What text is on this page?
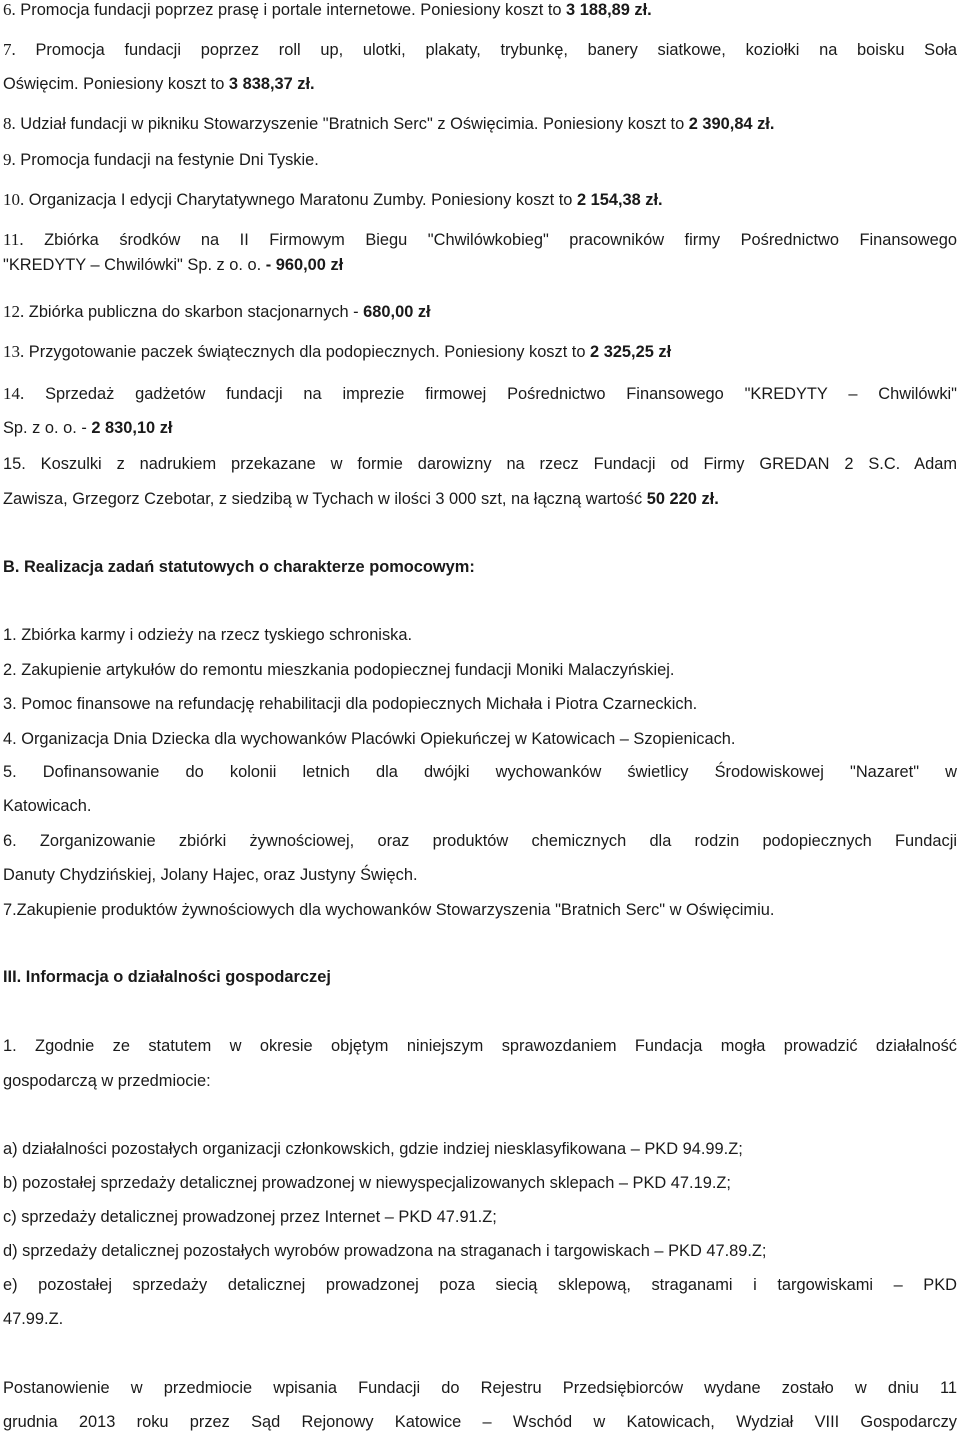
6. Promocja fundacji poprzez prasę i portale internetowe. Poniesiony koszt to 3 188,89 zł.

7. Promocja fundacji poprzez roll up, ulotki, plakaty, trybunkę, banery siatkowe, koziołki na boisku Soła

Oświęcim. Poniesiony koszt to 3 838,37 zł.

8. Udział fundacji w pikniku Stowarzyszenie "Bratnich Serc" z Oświęcimia. Poniesiony koszt to 2 390,84 zł.

9. Promocja fundacji na festynie Dni Tyskie.

10. Organizacja I edycji Charytatywnego Maratonu Zumby. Poniesiony koszt to 2 154,38 zł.

11. Zbiórka środków na II Firmowym Biegu "Chwilówkobieg" pracowników firmy Pośrednictwo Finansowego

"KREDYTY – Chwilówki" Sp. z o. o. - 960,00 zł

12. Zbiórka publiczna do skarbon stacjonarnych - 680,00 zł

13. Przygotowanie paczek świątecznych dla podopiecznych. Poniesiony koszt to 2 325,25 zł

14. Sprzedaż gadżetów fundacji na imprezie firmowej Pośrednictwo Finansowego "KREDYTY – Chwilówki"

Sp. z o. o. - 2 830,10 zł

15. Koszulki z nadrukiem przekazane w formie darowizny na rzecz Fundacji od Firmy GREDAN 2 S.C. Adam

Zawisza, Grzegorz Czebotar, z siedzibą w Tychach w ilości 3 000 szt, na łączną wartość 50 220 zł.

B. Realizacja zadań statutowych o charakterze pomocowym:

1. Zbiórka karmy i odzieży na rzecz tyskiego schroniska.

2. Zakupienie artykułów do remontu mieszkania podopiecznej fundacji Moniki Malaczyńskiej.

3. Pomoc finansowe na refundację rehabilitacji dla podopiecznych Michała i Piotra Czarneckich.

4. Organizacja Dnia Dziecka dla wychowanków Placówki Opiekuńczej w Katowicach – Szopienicach.

5. Dofinansowanie do kolonii letnich dla dwójki wychowanków świetlicy Środowiskowej "Nazaret" w

Katowicach.

6. Zorganizowanie zbiórki żywnościowej, oraz produktów chemicznych dla rodzin podopiecznych Fundacji

Danuty Chydzińskiej, Jolany Hajec, oraz Justyny Święch.

7.Zakupienie produktów żywnościowych dla wychowanków Stowarzyszenia "Bratnich Serc" w Oświęcimiu.

III. Informacja o działalności gospodarczej

1. Zgodnie ze statutem w okresie objętym niniejszym sprawozdaniem Fundacja mogła prowadzić działalność

gospodarczą w przedmiocie:

a) działalności pozostałych organizacji członkowskich, gdzie indziej niesklasyfikowana – PKD 94.99.Z;

b) pozostałej sprzedaży detalicznej prowadzonej w niewyspecjalizowanych sklepach – PKD 47.19.Z;

c) sprzedaży detalicznej prowadzonej przez Internet – PKD 47.91.Z;

d) sprzedaży detalicznej pozostałych wyrobów prowadzona na straganach i targowiskach – PKD 47.89.Z;

e) pozostałej sprzedaży detalicznej prowadzonej poza siecią sklepową, straganami i targowiskami – PKD

47.99.Z.

Postanowienie w przedmiocie wpisania Fundacji do Rejestru Przedsiębiorców wydane zostało w dniu 11

grudnia 2013 roku przez Sąd Rejonowy Katowice – Wschód w Katowicach, Wydział VIII Gospodarczy
